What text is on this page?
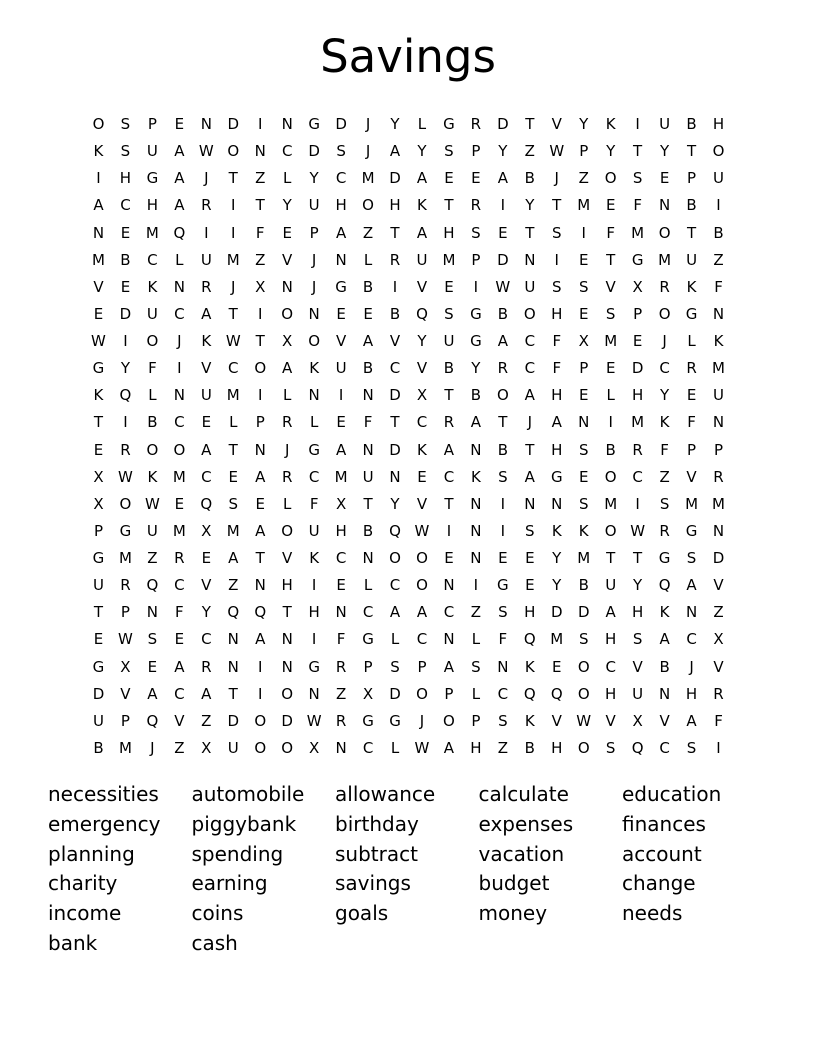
Savings
O	S	P	E	N	D	I	N	G	D	J	Y	L	G	R	D	T	V	Y	K	I	U	B	H
K	S	U	A W O	N	C	D	S	J	A	Y	S	P	Y	Z W	P	Y	T	Y	T	O
I	H	G	A	J	T	Z	L	Y	C	M D	A	E	E	A	B	J	Z	O	S	E	P	U
A	C	H	A	R	I	T	Y	U	H	O	H	K	T	R	I	Y	T	M	E	F	N	B	I
N	E	M Q	I	I	F	E	P	A	Z	T	A	H	S	E	T	S	I	F	M O	T	B
M	B	C	L	U M	Z	V	J	N	L	R	U M	P	D	N	I	E	T	G M U	Z
V	E	K	N	R	J	X	N	J	G	B	I	V	E	I	W U	S	S	V	X	R	K	F
E	D	U	C	A	T	I	O	N	E	E	B	Q	S	G	B	O	H	E	S	P	O	G	N
W	I	O	J	K W T	X	O	V	A	V	Y	U	G	A	C	F	X	M	E	J	L	K
G	Y	F	I	V	C	O	A	K	U	B	C	V	B	Y	R	C	F	P	E	D	C	R	M
K	Q	L	N	U M	I	L	N	I	N	D	X	T	B	O	A	H	E	L	H	Y	E	U
T	I	B	C	E	L	P	R	L	E	F	T	C	R	A	T	J	A	N	I	M	K	F	N
E	R	O	O	A	T	N	J	G	A	N	D	K	A	N	B	T	H	S	B	R	F	P	P
X W K	M	C	E	A	R	C	M U	N	E	C	K	S	A	G	E	O	C	Z	V	R
X	O W E	Q	S	E	L	F	X	T	Y	V	T	N	I	N	N	S	M	I	S	M M
P	G	U	M	X	M	A	O	U	H	B	Q W	I	N	I	S	K	K	O W R	G	N
G M	Z	R	E	A	T	V	K	C	N	O	O	E	N	E	E	Y	M	T	T	G	S	D
U	R	Q	C	V	Z	N	H	I	E	L	C	O	N	I	G	E	Y	B	U	Y	Q	A	V
T	P	N	F	Y	Q	Q	T	H	N	C	A	A	C	Z	S	H	D	D	A	H	K	N	Z
E W S	E	C	N	A	N	I	F	G	L	C	N	L	F	Q M	S	H	S	A	C	X
G	X	E	A	R	N	I	N	G	R	P	S	P	A	S	N	K	E	O	C	V	B	J	V
D	V	A	C	A	T	I	O	N	Z	X	D	O	P	L	C	Q	Q	O	H	U	N	H	R
U	P	Q	V	Z	D	O	D W R	G	G	J	O	P	S	K	V W V	X	V	A	F
B	M	J	Z	X	U	O	O	X	N	C	L	W A	H	Z	B	H	O	S	Q	C	S	I
necessities
emergency
planning
charity
income
bank
automobile
piggybank
spending
earning
coins
cash
allowance
birthday
subtract
savings
goals
calculate
expenses
vacation
budget
money
education
finances
account
change
needs
